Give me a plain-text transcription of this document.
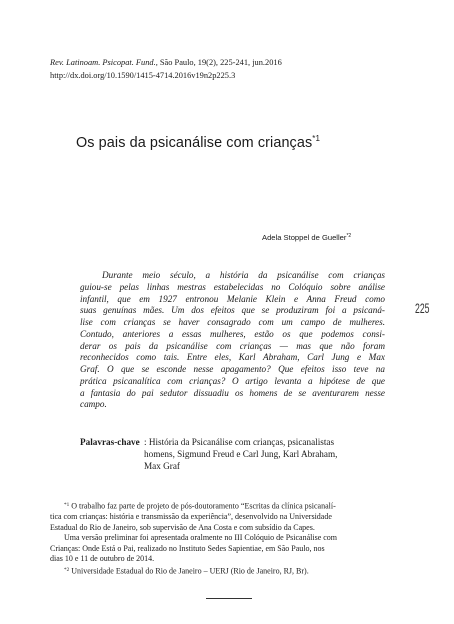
Rev. Latinoam. Psicopat. Fund., São Paulo, 19(2), 225-241, jun.2016
http://dx.doi.org/10.1590/1415-4714.2016v19n2p225.3
Os pais da psicanálise com crianças$^{*1}$
Adela Stoppel de Gueller$^{*2}$
225
Durante meio século, a história da psicanálise com crianças
guiou-se pelas linhas mestras estabelecidas no Colóquio sobre análise
infantil, que em 1927 entronou Melanie Klein e Anna Freud como
suas genuínas mães. Um dos efeitos que se produziram foi a psicaná-
lise com crianças se haver consagrado com um campo de mulheres.
Contudo, anteriores a essas mulheres, estão os que podemos consi-
derar os pais da psicanálise com crianças — mas que não foram
reconhecidos como tais. Entre eles, Karl Abraham, Carl Jung e Max
Graf. O que se esconde nesse apagamento? Que efeitos isso teve na
prática psicanalítica com crianças? O artigo levanta a hipótese de que
a fantasia do pai sedutor dissuadiu os homens de se aventurarem nesse
campo.
Palavras-chave : História da Psicanálise com crianças, psicanalistas
homens, Sigmund Freud e Carl Jung, Karl Abraham,
Max Graf

$^{*1}$ O trabalho faz parte de projeto de pós-doutoramento “Escritas da clínica psicanalí-
tica com crianças: história e transmissão da experiência”, desenvolvido na Universidade
Estadual do Rio de Janeiro, sob supervisão de Ana Costa e com subsídio da Capes.

Uma versão preliminar foi apresentada oralmente no III Colóquio de Psicanálise com
Crianças: Onde Está o Pai, realizado no Instituto Sedes Sapientiae, em São Paulo, nos
dias 10 e 11 de outubro de 2014.

$^{*2}$ Universidade Estadual do Rio de Janeiro – UERJ (Rio de Janeiro, RJ, Br).
